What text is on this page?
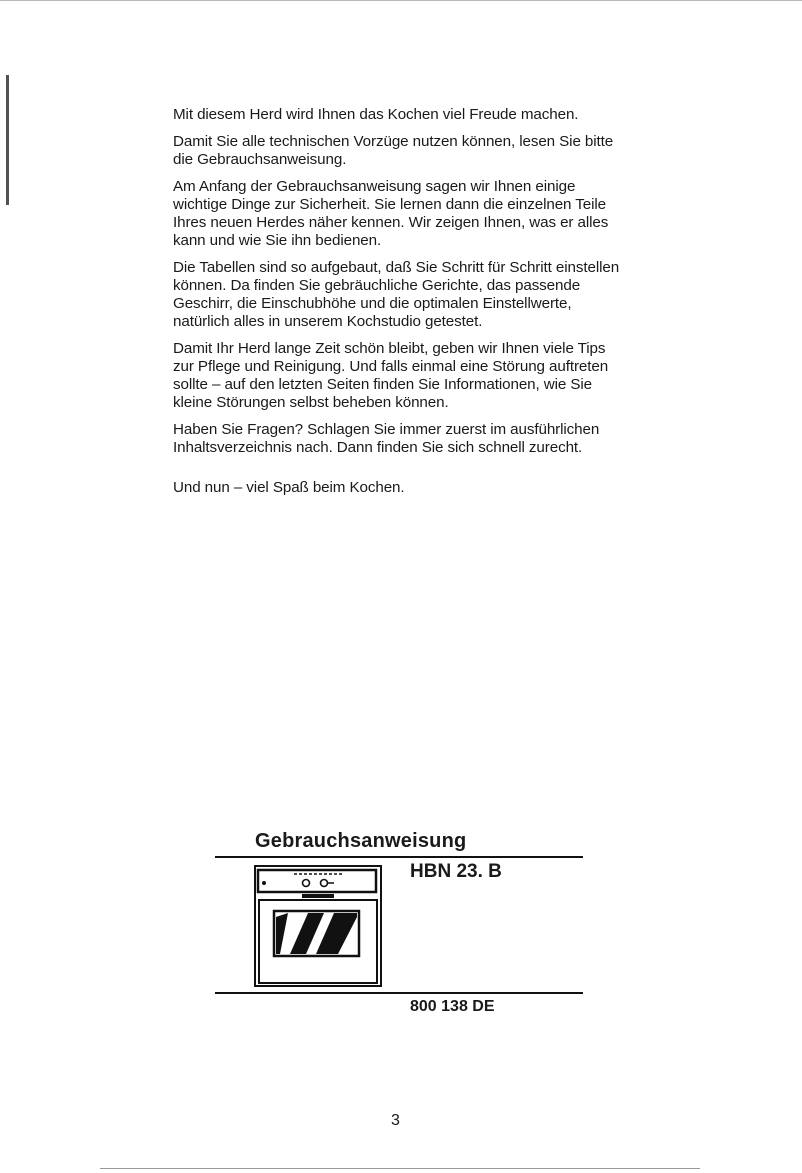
Mit diesem Herd wird Ihnen das Kochen viel Freude machen.

Damit Sie alle technischen Vorzüge nutzen können, lesen Sie bitte die Gebrauchsanweisung.

Am Anfang der Gebrauchsanweisung sagen wir Ihnen einige wichtige Dinge zur Sicherheit. Sie lernen dann die einzelnen Teile Ihres neuen Herdes näher kennen. Wir zeigen Ihnen, was er alles kann und wie Sie ihn bedienen.

Die Tabellen sind so aufgebaut, daß Sie Schritt für Schritt einstellen können. Da finden Sie gebräuchliche Gerichte, das passende Geschirr, die Einschubhöhe und die optimalen Einstellwerte, natürlich alles in unserem Kochstudio getestet.

Damit Ihr Herd lange Zeit schön bleibt, geben wir Ihnen viele Tips zur Pflege und Reinigung. Und falls einmal eine Störung auftreten sollte – auf den letzten Seiten finden Sie Informationen, wie Sie kleine Störungen selbst beheben können.

Haben Sie Fragen? Schlagen Sie immer zuerst im ausführlichen Inhaltsverzeichnis nach. Dann finden Sie sich schnell zurecht.

Und nun – viel Spaß beim Kochen.

Gebrauchsanweisung
HBN 23. B
800 138 DE
3
